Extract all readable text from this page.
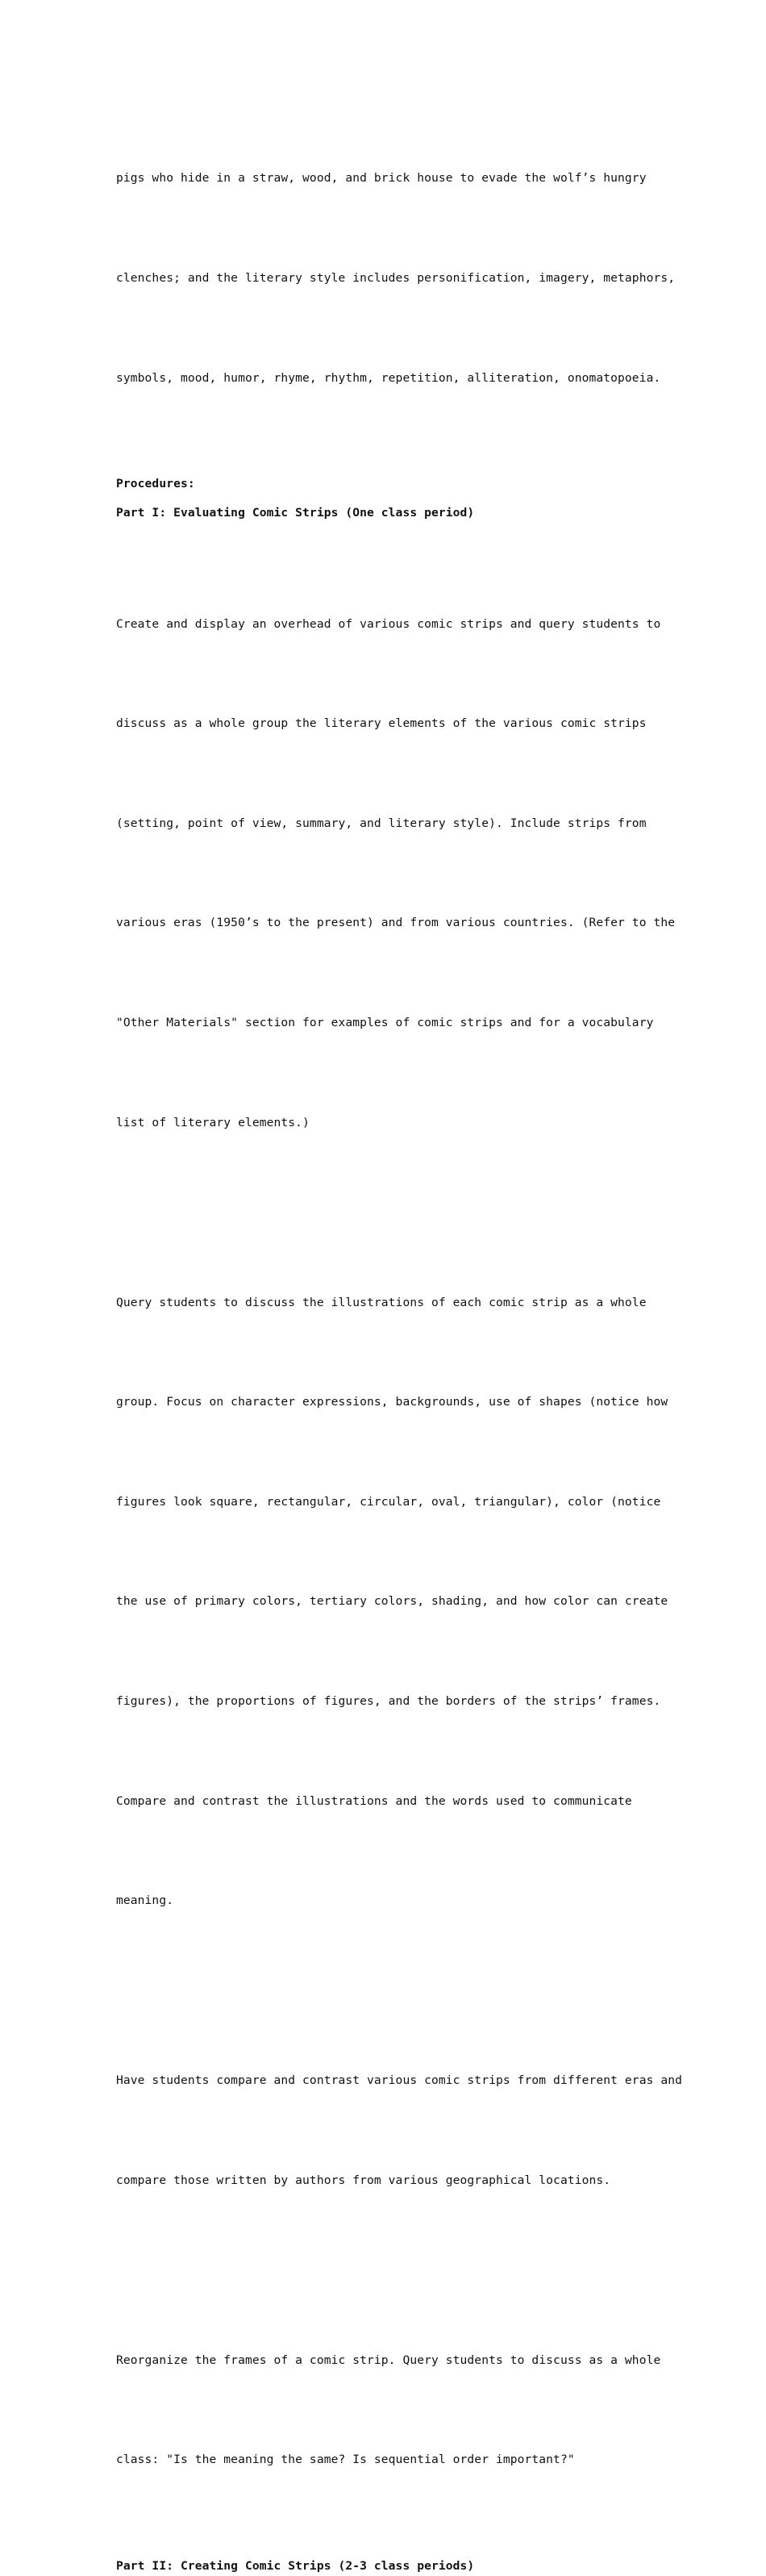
pigs who hide in a straw, wood, and brick house to evade the wolf’s hungry

clenches; and the literary style includes personification, imagery, metaphors,

symbols, mood, humor, rhyme, rhythm, repetition, alliteration, onomatopoeia.

Procedures:
Part I: Evaluating Comic Strips (One class period)

Create and display an overhead of various comic strips and query students to

discuss as a whole group the literary elements of the various comic strips

(setting, point of view, summary, and literary style). Include strips from

various eras (1950’s to the present) and from various countries. (Refer to the

"Other Materials" section for examples of comic strips and for a vocabulary

list of literary elements.)

Query students to discuss the illustrations of each comic strip as a whole

group. Focus on character expressions, backgrounds, use of shapes (notice how

figures look square, rectangular, circular, oval, triangular), color (notice

the use of primary colors, tertiary colors, shading, and how color can create

figures), the proportions of figures, and the borders of the strips’ frames.

Compare and contrast the illustrations and the words used to communicate

meaning.

Have students compare and contrast various comic strips from different eras and

compare those written by authors from various geographical locations.

Reorganize the frames of a comic strip. Query students to discuss as a whole

class: "Is the meaning the same? Is sequential order important?"

Part II: Creating Comic Strips (2-3 class periods)
